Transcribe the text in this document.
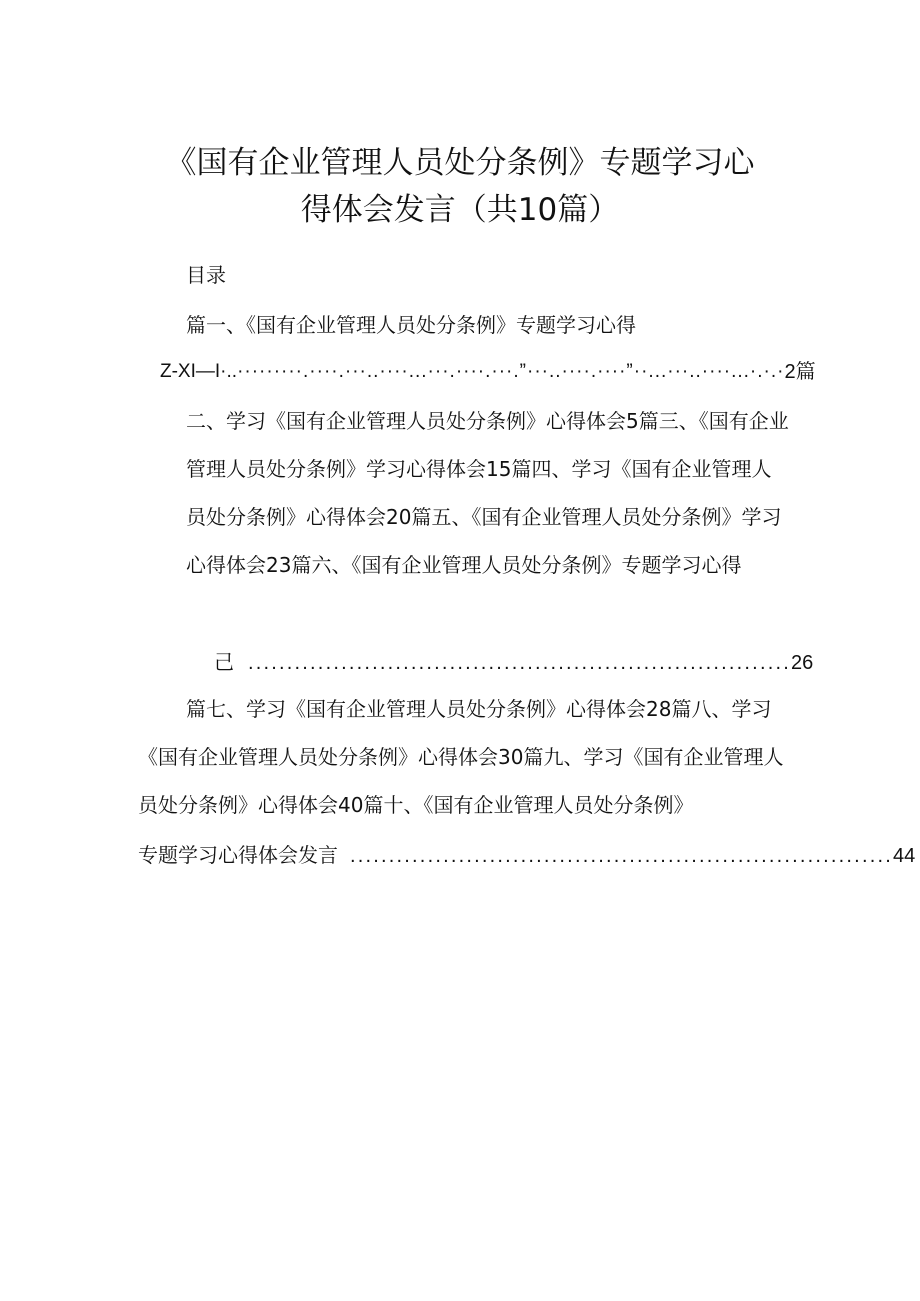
《国有企业管理人员处分条例》专题学习心
得体会发言（共10篇）
目录
篇一、《国有企业管理人员处分条例》专题学习心得
Z-XI—I·.. ·········.····.···..····...···.····.···.”···..····.····”··...···..····...·.·.· 2篇
二、学习《国有企业管理人员处分条例》心得体会5篇三、《国有企业管理人员处分条例》学习心得体会15篇四、学习《国有企业管理人员处分条例》心得体会20篇五、《国有企业管理人员处分条例》学习心得体会23篇六、《国有企业管理人员处分条例》专题学习心得
己 ...................................................................... 26
篇七、学习《国有企业管理人员处分条例》心得体会28篇八、学习《国有企业管理人员处分条例》心得体会30篇九、学习《国有企业管理人员处分条例》心得体会40篇十、《国有企业管理人员处分条例》
专题学习心得体会发言 ...................................................................... 44
